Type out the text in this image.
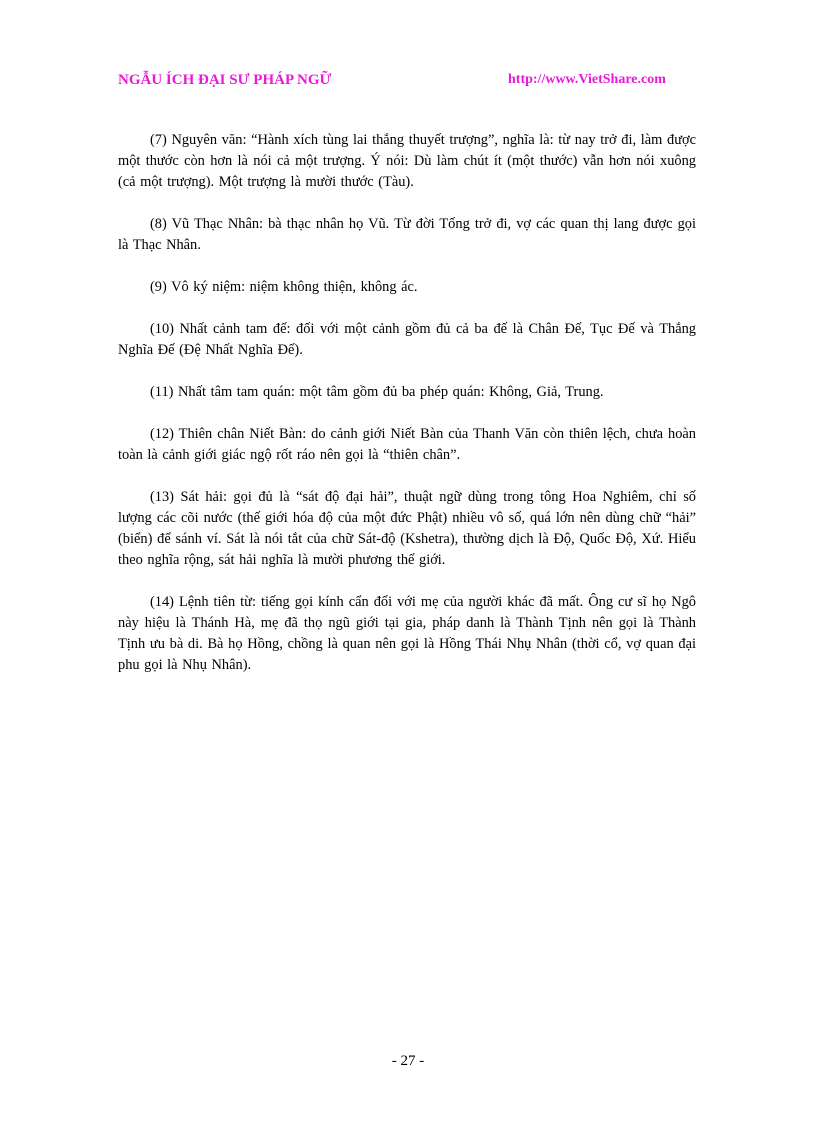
NGẪU ÍCH ĐẠI SƯ PHÁP NGỮ	http://www.VietShare.com

(7) Nguyên văn: “Hành xích tùng lai thắng thuyết trượng”, nghĩa là: từ nay trở đi, làm được một thước còn hơn là nói cả một trượng. Ý nói: Dù làm chút ít (một thước) vẫn hơn nói xuông (cả một trượng). Một trượng là mười thước (Tàu).

(8) Vũ Thạc Nhân: bà thạc nhân họ Vũ. Từ đời Tống trở đi, vợ các quan thị lang được gọi là Thạc Nhân.

(9) Vô ký niệm: niệm không thiện, không ác.

(10) Nhất cảnh tam đế: đối với một cảnh gồm đủ cả ba đế là Chân Đế, Tục Đế và Thắng Nghĩa Đế (Đệ Nhất Nghĩa Đế).

(11) Nhất tâm tam quán: một tâm gồm đủ ba phép quán: Không, Giả, Trung.

(12) Thiên chân Niết Bàn: do cảnh giới Niết Bàn của Thanh Văn còn thiên lệch, chưa hoàn toàn là cảnh giới giác ngộ rốt ráo nên gọi là “thiên chân”.

(13) Sát hải: gọi đủ là “sát độ đại hải”, thuật ngữ dùng trong tông Hoa Nghiêm, chỉ số lượng các cõi nước (thế giới hóa độ của một đức Phật) nhiều vô số, quá lớn nên dùng chữ “hải” (biển) để sánh ví. Sát là nói tắt của chữ Sát-độ (Kshetra), thường dịch là Độ, Quốc Độ, Xứ. Hiểu theo nghĩa rộng, sát hải nghĩa là mười phương thế giới.

(14) Lệnh tiên từ: tiếng gọi kính cẩn đối với mẹ của người khác đã mất. Ông cư sĩ họ Ngô này hiệu là Thánh Hà, mẹ đã thọ ngũ giới tại gia, pháp danh là Thành Tịnh nên gọi là Thành Tịnh ưu bà di. Bà họ Hồng, chồng là quan nên gọi là Hồng Thái Nhụ Nhân (thời cổ, vợ quan đại phu gọi là Nhụ Nhân).

- 27 -
